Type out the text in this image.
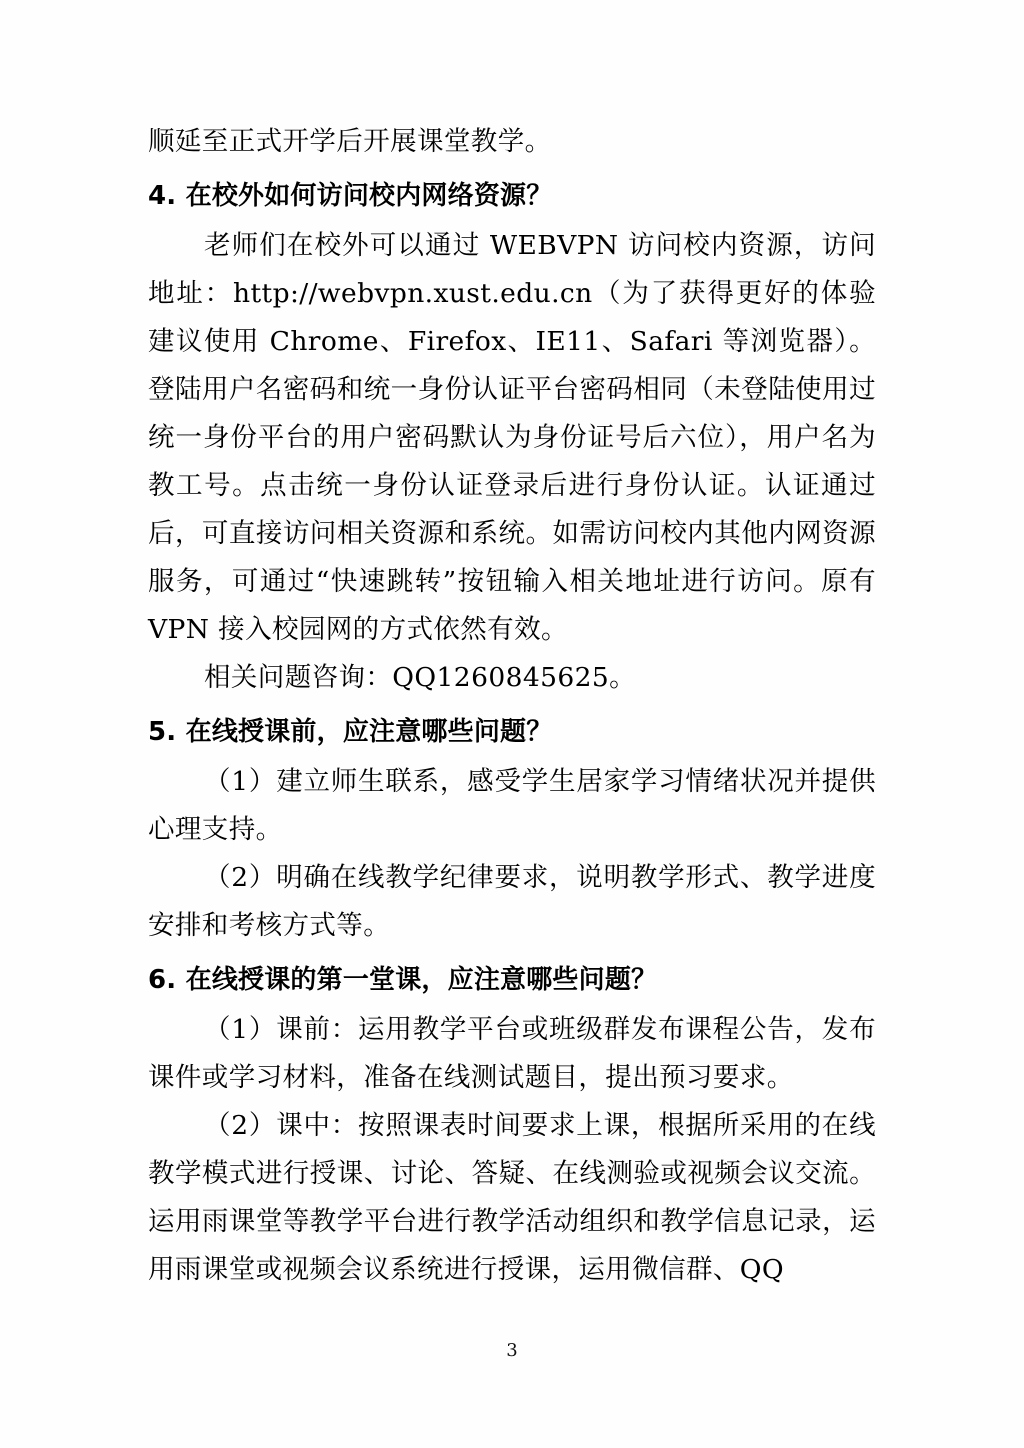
顺延至正式开学后开展课堂教学。

4. 在校外如何访问校内网络资源？

老师们在校外可以通过 WEBVPN 访问校内资源，访问地址：http://webvpn.xust.edu.cn（为了获得更好的体验建议使用 Chrome、Firefox、IE11、Safari 等浏览器）。登陆用户名密码和统一身份认证平台密码相同（未登陆使用过统一身份平台的用户密码默认为身份证号后六位），用户名为教工号。点击统一身份认证登录后进行身份认证。认证通过后，可直接访问相关资源和系统。如需访问校内其他内网资源服务，可通过“快速跳转”按钮输入相关地址进行访问。原有 VPN 接入校园网的方式依然有效。

相关问题咨询：QQ1260845625。

5. 在线授课前，应注意哪些问题？

（1）建立师生联系，感受学生居家学习情绪状况并提供心理支持。

（2）明确在线教学纪律要求，说明教学形式、教学进度安排和考核方式等。

6. 在线授课的第一堂课，应注意哪些问题？

（1）课前：运用教学平台或班级群发布课程公告，发布课件或学习材料，准备在线测试题目，提出预习要求。

（2）课中：按照课表时间要求上课，根据所采用的在线教学模式进行授课、讨论、答疑、在线测验或视频会议交流。运用雨课堂等教学平台进行教学活动组织和教学信息记录，运用雨课堂或视频会议系统进行授课，运用微信群、QQ

3
